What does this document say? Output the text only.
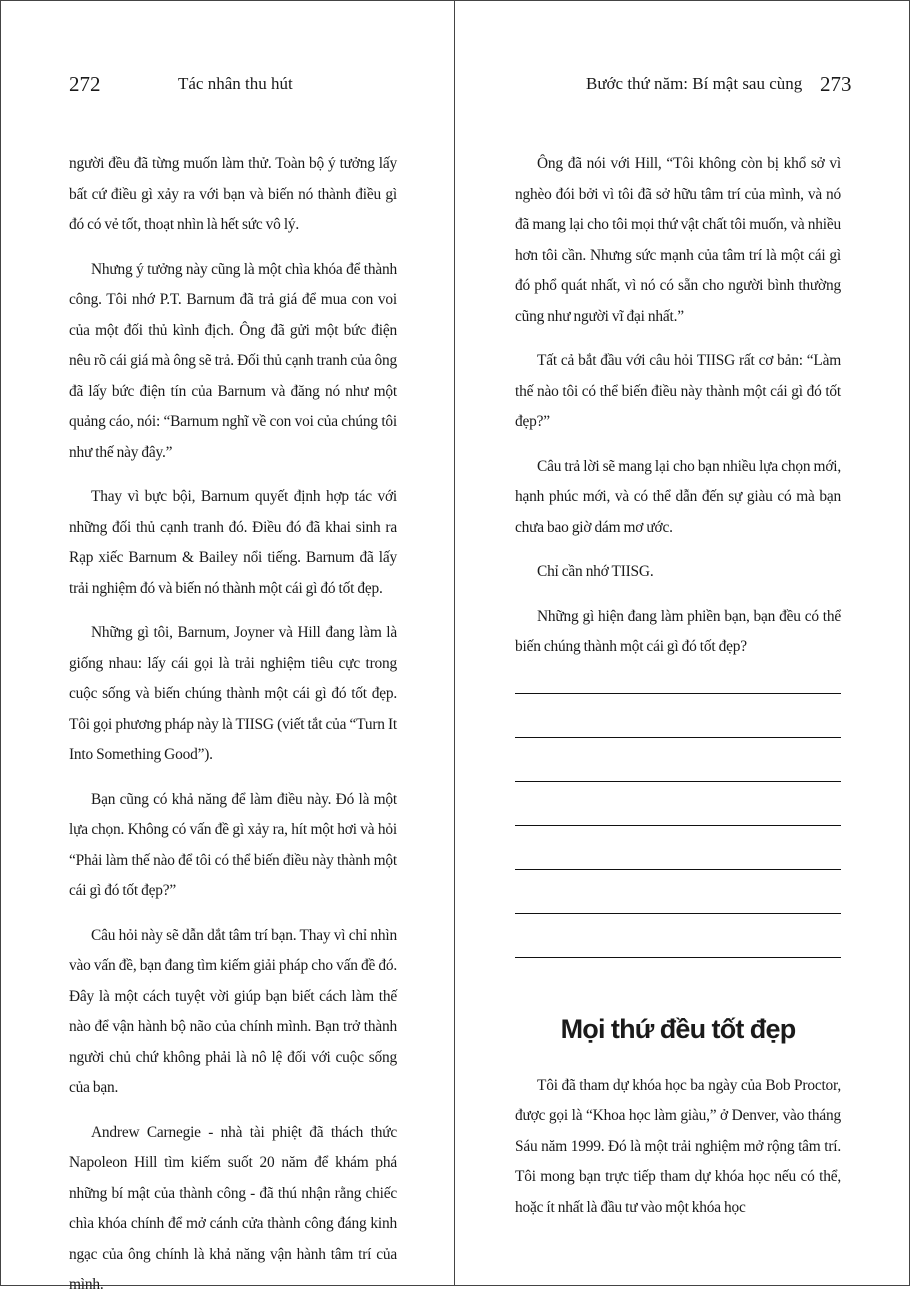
272	Tác nhân thu hút

người đều đã từng muốn làm thử. Toàn bộ ý tưởng lấy bất cứ điều gì xảy ra với bạn và biến nó thành điều gì đó có vẻ tốt, thoạt nhìn là hết sức vô lý.

Nhưng ý tưởng này cũng là một chìa khóa để thành công. Tôi nhớ P.T. Barnum đã trả giá để mua con voi của một đối thủ kình địch. Ông đã gửi một bức điện nêu rõ cái giá mà ông sẽ trả. Đối thủ cạnh tranh của ông đã lấy bức điện tín của Barnum và đăng nó như một quảng cáo, nói: “Barnum nghĩ về con voi của chúng tôi như thế này đây.”

Thay vì bực bội, Barnum quyết định hợp tác với những đối thủ cạnh tranh đó. Điều đó đã khai sinh ra Rạp xiếc Barnum & Bailey nổi tiếng. Barnum đã lấy trải nghiệm đó và biến nó thành một cái gì đó tốt đẹp.

Những gì tôi, Barnum, Joyner và Hill đang làm là giống nhau: lấy cái gọi là trải nghiệm tiêu cực trong cuộc sống và biến chúng thành một cái gì đó tốt đẹp. Tôi gọi phương pháp này là TIISG (viết tắt của “Turn It Into Something Good”).

Bạn cũng có khả năng để làm điều này. Đó là một lựa chọn. Không có vấn đề gì xảy ra, hít một hơi và hỏi “Phải làm thế nào để tôi có thể biến điều này thành một cái gì đó tốt đẹp?”

Câu hỏi này sẽ dẫn dắt tâm trí bạn. Thay vì chỉ nhìn vào vấn đề, bạn đang tìm kiếm giải pháp cho vấn đề đó. Đây là một cách tuyệt vời giúp bạn biết cách làm thế nào để vận hành bộ não của chính mình. Bạn trở thành người chủ chứ không phải là nô lệ đối với cuộc sống của bạn.

Andrew Carnegie - nhà tài phiệt đã thách thức Napoleon Hill tìm kiếm suốt 20 năm để khám phá những bí mật của thành công - đã thú nhận rằng chiếc chìa khóa chính để mở cánh cửa thành công đáng kinh ngạc của ông chính là khả năng vận hành tâm trí của mình.

Bước thứ năm: Bí mật sau cùng 273

Ông đã nói với Hill, “Tôi không còn bị khổ sở vì nghèo đói bởi vì tôi đã sở hữu tâm trí của mình, và nó đã mang lại cho tôi mọi thứ vật chất tôi muốn, và nhiều hơn tôi cần. Nhưng sức mạnh của tâm trí là một cái gì đó phổ quát nhất, vì nó có sẵn cho người bình thường cũng như người vĩ đại nhất.”

Tất cả bắt đầu với câu hỏi TIISG rất cơ bản: “Làm thế nào tôi có thể biến điều này thành một cái gì đó tốt đẹp?”

Câu trả lời sẽ mang lại cho bạn nhiều lựa chọn mới, hạnh phúc mới, và có thể dẫn đến sự giàu có mà bạn chưa bao giờ dám mơ ước.

Chỉ cần nhớ TIISG.

Những gì hiện đang làm phiền bạn, bạn đều có thể biến chúng thành một cái gì đó tốt đẹp?

Mọi thứ đều tốt đẹp

Tôi đã tham dự khóa học ba ngày của Bob Proctor, được gọi là “Khoa học làm giàu,” ở Denver, vào tháng Sáu năm 1999. Đó là một trải nghiệm mở rộng tâm trí. Tôi mong bạn trực tiếp tham dự khóa học nếu có thể, hoặc ít nhất là đầu tư vào một khóa học
